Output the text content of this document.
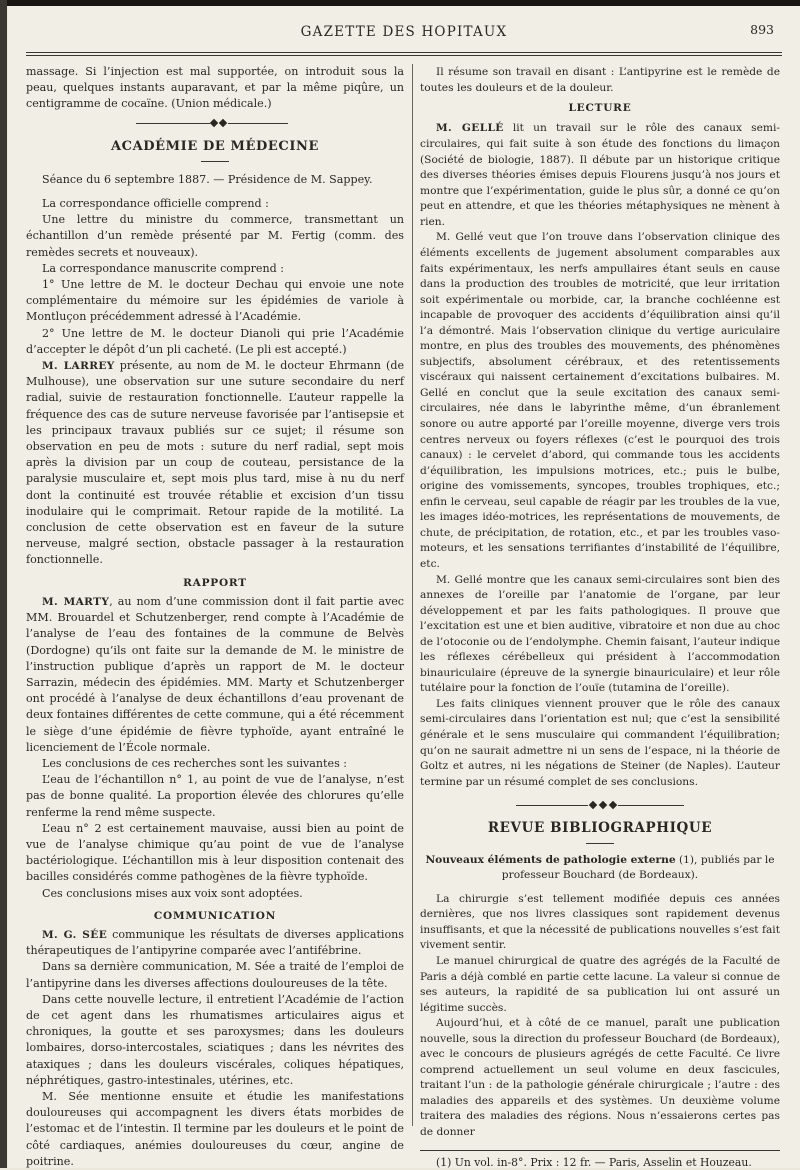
GAZETTE DES HOPITAUX	893

massage. Si l’injection est mal supportée, on introduit sous la peau, quelques instants auparavant, et par la même piqûre, un centigramme de cocaïne. (Union médicale.)

ACADÉMIE DE MÉDECINE

Séance du 6 septembre 1887. — Présidence de M. Sappey.

La correspondance officielle comprend :

Une lettre du ministre du commerce, transmettant un échantillon d’un remède présenté par M. Fertig (comm. des remèdes secrets et nouveaux).

La correspondance manuscrite comprend :

1° Une lettre de M. le docteur Dechau qui envoie une note complémentaire du mémoire sur les épidémies de variole à Montluçon précédemment adressé à l’Académie.

2° Une lettre de M. le docteur Dianoli qui prie l’Académie d’accepter le dépôt d’un pli cacheté. (Le pli est accepté.)

M. LARREY présente, au nom de M. le docteur Ehrmann (de Mulhouse), une observation sur une suture secondaire du nerf radial, suivie de restauration fonctionnelle. L’auteur rappelle la fréquence des cas de suture nerveuse favorisée par l’antisepsie et les principaux travaux publiés sur ce sujet; il résume son observation en peu de mots : suture du nerf radial, sept mois après la division par un coup de couteau, persistance de la paralysie musculaire et, sept mois plus tard, mise à nu du nerf dont la continuité est trouvée rétablie et excision d’un tissu inodulaire qui le comprimait. Retour rapide de la motilité. La conclusion de cette observation est en faveur de la suture nerveuse, malgré section, obstacle passager à la restauration fonctionnelle.

RAPPORT

M. MARTY, au nom d’une commission dont il fait partie avec MM. Brouardel et Schutzenberger, rend compte à l’Académie de l’analyse de l’eau des fontaines de la commune de Belvès (Dordogne) qu’ils ont faite sur la demande de M. le ministre de l’instruction publique d’après un rapport de M. le docteur Sarrazin, médecin des épidémies. MM. Marty et Schutzenberger ont procédé à l’analyse de deux échantillons d’eau provenant de deux fontaines différentes de cette commune, qui a été récemment le siège d’une épidémie de fièvre typhoïde, ayant entraîné le licenciement de l’École normale.

Les conclusions de ces recherches sont les suivantes :

L’eau de l’échantillon n° 1, au point de vue de l’analyse, n’est pas de bonne qualité. La proportion élevée des chlorures qu’elle renferme la rend même suspecte.

L’eau n° 2 est certainement mauvaise, aussi bien au point de vue de l’analyse chimique qu’au point de vue de l’analyse bactériologique. L’échantillon mis à leur disposition contenait des bacilles considérés comme pathogènes de la fièvre typhoïde.

Ces conclusions mises aux voix sont adoptées.

COMMUNICATION

M. G. SÉE communique les résultats de diverses applications thérapeutiques de l’antipyrine comparée avec l’antifébrine.

Dans sa dernière communication, M. Sée a traité de l’emploi de l’antipyrine dans les diverses affections douloureuses de la tête.

Dans cette nouvelle lecture, il entretient l’Académie de l’action de cet agent dans les rhumatismes articulaires aigus et chroniques, la goutte et ses paroxysmes; dans les douleurs lombaires, dorso-intercostales, sciatiques ; dans les névrites des ataxiques ; dans les douleurs viscérales, coliques hépatiques, néphrétiques, gastro-intestinales, utérines, etc.

M. Sée mentionne ensuite et étudie les manifestations douloureuses qui accompagnent les divers états morbides de l’estomac et de l’intestin. Il termine par les douleurs et le point de côté cardiaques, anémies douloureuses du cœur, angine de poitrine.

Il résume son travail en disant : L’antipyrine est le remède de toutes les douleurs et de la douleur.

LECTURE

M. GELLÉ lit un travail sur le rôle des canaux semi-circulaires, qui fait suite à son étude des fonctions du limaçon (Société de biologie, 1887). Il débute par un historique critique des diverses théories émises depuis Flourens jusqu’à nos jours et montre que l’expérimentation, guide le plus sûr, a donné ce qu’on peut en attendre, et que les théories métaphysiques ne mènent à rien.

M. Gellé veut que l’on trouve dans l’observation clinique des éléments excellents de jugement absolument comparables aux faits expérimentaux, les nerfs ampullaires étant seuls en cause dans la production des troubles de motricité, que leur irritation soit expérimentale ou morbide, car, la branche cochléenne est incapable de provoquer des accidents d’équilibration ainsi qu’il l’a démontré. Mais l’observation clinique du vertige auriculaire montre, en plus des troubles des mouvements, des phénomènes subjectifs, absolument cérébraux, et des retentissements viscéraux qui naissent certainement d’excitations bulbaires. M. Gellé en conclut que la seule excitation des canaux semi-circulaires, née dans le labyrinthe même, d’un ébranlement sonore ou autre apporté par l’oreille moyenne, diverge vers trois centres nerveux ou foyers réflexes (c’est le pourquoi des trois canaux) : le cervelet d’abord, qui commande tous les accidents d’équilibration, les impulsions motrices, etc.; puis le bulbe, origine des vomissements, syncopes, troubles trophiques, etc.; enfin le cerveau, seul capable de réagir par les troubles de la vue, les images idéo-motrices, les représentations de mouvements, de chute, de précipitation, de rotation, etc., et par les troubles vaso-moteurs, et les sensations terrifiantes d’instabilité de l’équilibre, etc.

M. Gellé montre que les canaux semi-circulaires sont bien des annexes de l’oreille par l’anatomie de l’organe, par leur développement et par les faits pathologiques. Il prouve que l’excitation est une et bien auditive, vibratoire et non due au choc de l’otoconie ou de l’endolymphe. Chemin faisant, l’auteur indique les réflexes cérébelleux qui président à l’accommodation binauriculaire (épreuve de la synergie binauriculaire) et leur rôle tutélaire pour la fonction de l’ouïe (tutamina de l’oreille).

Les faits cliniques viennent prouver que le rôle des canaux semi-circulaires dans l’orientation est nul; que c’est la sensibilité générale et le sens musculaire qui commandent l’équilibration; qu’on ne saurait admettre ni un sens de l’espace, ni la théorie de Goltz et autres, ni les négations de Steiner (de Naples). L’auteur termine par un résumé complet de ses conclusions.

REVUE BIBLIOGRAPHIQUE

Nouveaux éléments de pathologie externe (1), publiés par le professeur Bouchard (de Bordeaux).

La chirurgie s’est tellement modifiée depuis ces années dernières, que nos livres classiques sont rapidement devenus insuffisants, et que la nécessité de publications nouvelles s’est fait vivement sentir.

Le manuel chirurgical de quatre des agrégés de la Faculté de Paris a déjà comblé en partie cette lacune. La valeur si connue de ses auteurs, la rapidité de sa publication lui ont assuré un légitime succès.

Aujourd’hui, et à côté de ce manuel, paraît une publication nouvelle, sous la direction du professeur Bouchard (de Bordeaux), avec le concours de plusieurs agrégés de cette Faculté. Ce livre comprend actuellement un seul volume en deux fascicules, traitant l’un : de la pathologie générale chirurgicale ; l’autre : des maladies des appareils et des systèmes. Un deuxième volume traitera des maladies des régions. Nous n’essaierons certes pas de donner

(1) Un vol. in-8°. Prix : 12 fr. — Paris, Asselin et Houzeau.
